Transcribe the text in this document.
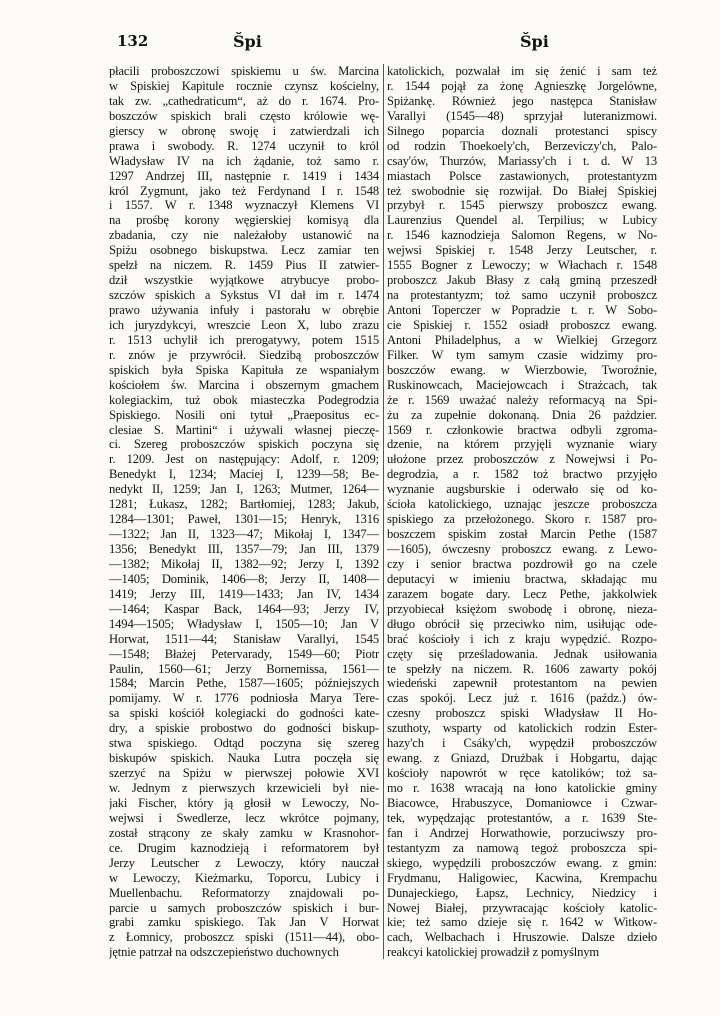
132	Špi	Špi
płacili proboszczowi spiskiemu u św. Marcina
w Spiskiej Kapitule rocznie czynsz kościelny,
tak zw. „cathedraticum“, aż do r. 1674. Pro-
boszczów spiskich brali często królowie wę-
gierscy w obronę swoję i zatwierdzali ich
prawa i swobody. R. 1274 uczynił to król
Władysław IV na ich żądanie, toż samo r.
1297 Andrzej III, następnie r. 1419 i 1434
król Zygmunt, jako też Ferdynand I r. 1548
i 1557. W r. 1348 wyznaczył Klemens VI
na prośbę korony węgierskiej komisyą dla
zbadania, czy nie należałoby ustanowić na
Spiżu osobnego biskupstwa. Lecz zamiar ten
spełzł na niczem. R. 1459 Pius II zatwier-
dził wszystkie wyjątkowe atrybucye probo-
szczów spiskich a Sykstus VI dał im r. 1474
prawo używania infuły i pastorału w obrębie
ich juryzdykcyi, wreszcie Leon X, lubo zrazu
r. 1513 uchylił ich prerogatywy, potem 1515
r. znów je przywrócił. Siedzibą proboszczów
spiskich była Spiska Kapituła ze wspaniałym
kościołem św. Marcina i obszernym gmachem
kolegiackim, tuż obok miasteczka Podegrodzia
Spiskiego. Nosili oni tytuł „Praepositus ec-
clesiae S. Martini“ i używali własnej pieczę-
ci. Szereg proboszczów spiskich poczyna się
r. 1209. Jest on następujący: Adolf, r. 1209;
Benedykt I, 1234; Maciej I, 1239—58; Be-
nedykt II, 1259; Jan I, 1263; Mutmer, 1264—
1281; Łukasz, 1282; Bartłomiej, 1283; Jakub,
1284—1301; Paweł, 1301—15; Henryk, 1316
—1322; Jan II, 1323—47; Mikołaj I, 1347—
1356; Benedykt III, 1357—79; Jan III, 1379
—1382; Mikołaj II, 1382—92; Jerzy I, 1392
—1405; Dominik, 1406—8; Jerzy II, 1408—
1419; Jerzy III, 1419—1433; Jan IV, 1434
—1464; Kaspar Back, 1464—93; Jerzy IV,
1494—1505; Władysław I, 1505—10; Jan V
Horwat, 1511—44; Stanisław Varallyi, 1545
—1548; Błażej Petervarady, 1549—60; Piotr
Paulin, 1560—61; Jerzy Bornemissa, 1561—
1584; Marcin Pethe, 1587—1605; późniejszych
pomijamy. W r. 1776 podniosła Marya Tere-
sa spiski kościół kolegiacki do godności kate-
dry, a spiskie probostwo do godności biskup-
stwa spiskiego. Odtąd poczyna się szereg
biskupów spiskich. Nauka Lutra poczęła się
szerzyć na Spiżu w pierwszej połowie XVI
w. Jednym z pierwszych krzewicieli był nie-
jaki Fischer, który ją głosił w Lewoczy, No-
wejwsi i Swedlerze, lecz wkrótce pojmany,
został strącony ze skały zamku w Krasnohor-
ce. Drugim kaznodzieją i reformatorem był
Jerzy Leutscher z Lewoczy, który nauczał
w Lewoczy, Kieżmarku, Toporcu, Lubicy i
Muellenbachu. Reformatorzy znajdowali po-
parcie u samych proboszczów spiskich i bur-
grabi zamku spiskiego. Tak Jan V Horwat
z Łomnicy, proboszcz spiski (1511—44), obo-
jętnie patrzał na odszczepieństwo duchownych
katolickich, pozwalał im się żenić i sam też
r. 1544 pojął za żonę Agnieszkę Jorgelówne,
Spiżankę. Również jego następca Stanisław
Varallyi (1545—48) sprzyjał luteranizmowi.
Silnego poparcia doznali protestanci spiscy
od rodzin Thoekoely'ch, Berzeviczy'ch, Palo-
csay'ów, Thurzów, Mariassy'ch i t. d. W 13
miastach Polsce zastawionych, protestantyzm
też swobodnie się rozwijał. Do Białej Spiskiej
przybył r. 1545 pierwszy proboszcz ewang.
Laurenzius Quendel al. Terpilius; w Lubicy
r. 1546 kaznodzieja Salomon Regens, w No-
wejwsi Spiskiej r. 1548 Jerzy Leutscher, r.
1555 Bogner z Lewoczy; w Włachach r. 1548
proboszcz Jakub Błasy z całą gminą przeszedł
na protestantyzm; toż samo uczynił proboszcz
Antoni Toperczer w Popradzie t. r. W Sobo-
cie Spiskiej r. 1552 osiadł proboszcz ewang.
Antoni Philadelphus, a w Wielkiej Grzegorz
Filker. W tym samym czasie widzimy pro-
boszczów ewang. w Wierzbowie, Tworoźnie,
Ruskinowcach, Maciejowcach i Strażcach, tak
że r. 1569 uważać należy reformacyą na Spi-
żu za zupełnie dokonaną. Dnia 26 pażdzier.
1569 r. członkowie bractwa odbyli zgroma-
dzenie, na którem przyjęli wyznanie wiary
ułożone przez proboszczów z Nowejwsi i Po-
degrodzia, a r. 1582 toż bractwo przyjęło
wyznanie augsburskie i oderwało się od ko-
ścioła katolickiego, uznając jeszcze proboszcza
spiskiego za przełożonego. Skoro r. 1587 pro-
boszczem spiskim został Marcin Pethe (1587
—1605), ówczesny proboszcz ewang. z Lewo-
czy i senior bractwa pozdrowił go na czele
deputacyi w imieniu bractwa, składając mu
zarazem bogate dary. Lecz Pethe, jakkolwiek
przyobiecał księżom swobodę i obronę, nieza-
długo obrócił się przeciwko nim, usiłując ode-
brać kościoły i ich z kraju wypędzić. Rozpo-
częty się prześladowania. Jednak usiłowania
te spełzły na niczem. R. 1606 zawarty pokój
wiedeński zapewnił protestantom na pewien
czas spokój. Lecz już r. 1616 (paźdz.) ów-
czesny proboszcz spiski Władysław II Ho-
szuthoty, wsparty od katolickich rodzin Ester-
hazy'ch i Csáky'ch, wypędził proboszczów
ewang. z Gniazd, Drużbak i Hobgartu, dając
kościoły napowrót w ręce katolików; toż sa-
mo r. 1638 wracają na łono katolickie gminy
Biacowce, Hrabuszyce, Domaniowce i Czwar-
tek, wypędzając protestantów, a r. 1639 Ste-
fan i Andrzej Horwathowie, porzuciwszy pro-
testantyzm za namową tegoż proboszcza spi-
skiego, wypędzili proboszczów ewang. z gmin:
Frydmanu, Haligowiec, Kacwina, Krempachu
Dunajeckiego, Łapsz, Lechnicy, Niedzicy i
Nowej Białej, przywracając kościoły katolic-
kie; też samo dzieje się r. 1642 w Witkow-
cach, Welbachach i Hruszowie. Dalsze dzieło
reakcyi katolickiej prowadził z pomyślnym
